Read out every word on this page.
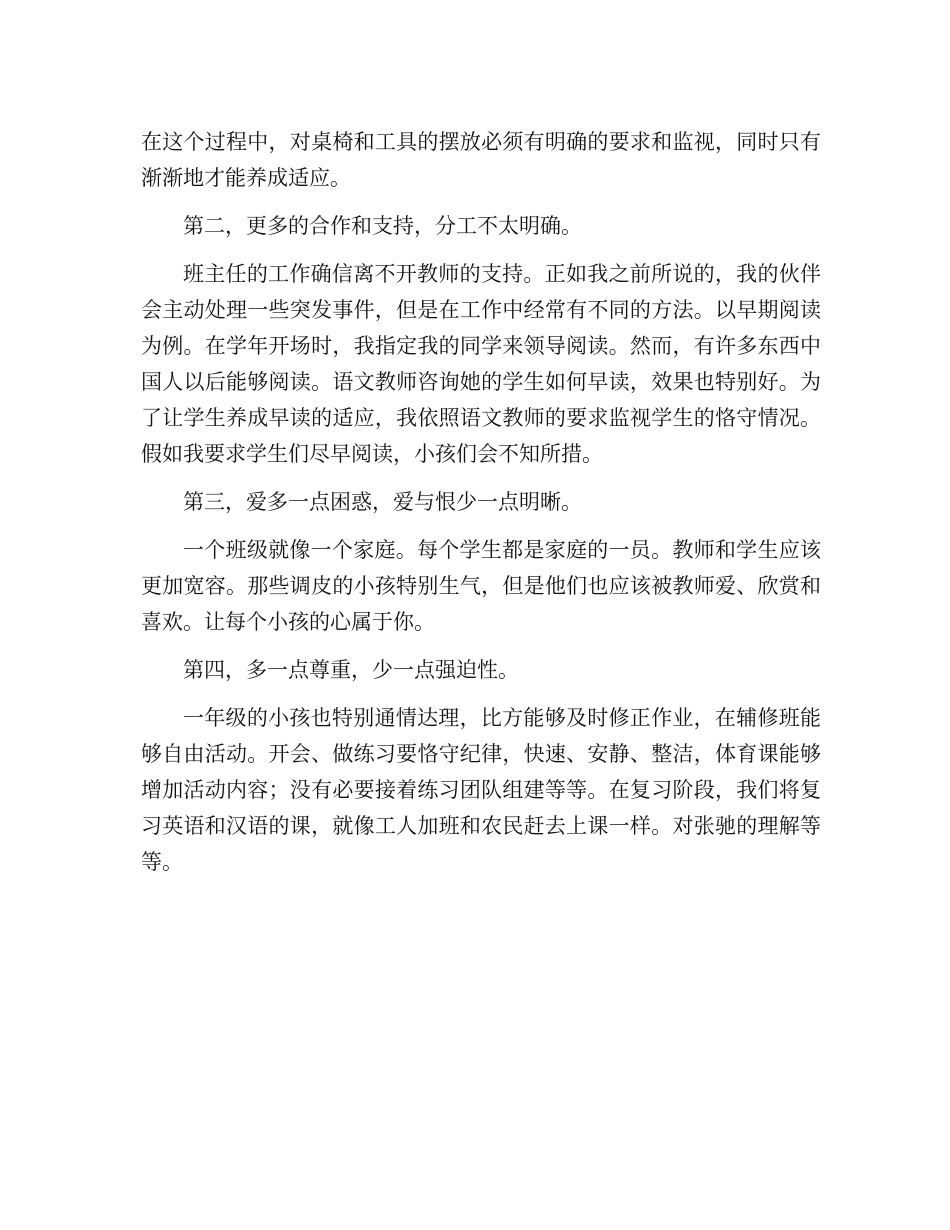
在这个过程中，对桌椅和工具的摆放必须有明确的要求和监视，同时只有渐渐地才能养成适应。

第二，更多的合作和支持，分工不太明确。

班主任的工作确信离不开教师的支持。正如我之前所说的，我的伙伴会主动处理一些突发事件，但是在工作中经常有不同的方法。以早期阅读为例。在学年开场时，我指定我的同学来领导阅读。然而，有许多东西中国人以后能够阅读。语文教师咨询她的学生如何早读，效果也特别好。为了让学生养成早读的适应，我依照语文教师的要求监视学生的恪守情况。假如我要求学生们尽早阅读，小孩们会不知所措。

第三，爱多一点困惑，爱与恨少一点明晰。

一个班级就像一个家庭。每个学生都是家庭的一员。教师和学生应该更加宽容。那些调皮的小孩特别生气，但是他们也应该被教师爱、欣赏和喜欢。让每个小孩的心属于你。

第四，多一点尊重，少一点强迫性。

一年级的小孩也特别通情达理，比方能够及时修正作业，在辅修班能够自由活动。开会、做练习要恪守纪律，快速、安静、整洁，体育课能够增加活动内容；没有必要接着练习团队组建等等。在复习阶段，我们将复习英语和汉语的课，就像工人加班和农民赶去上课一样。对张驰的理解等等。
